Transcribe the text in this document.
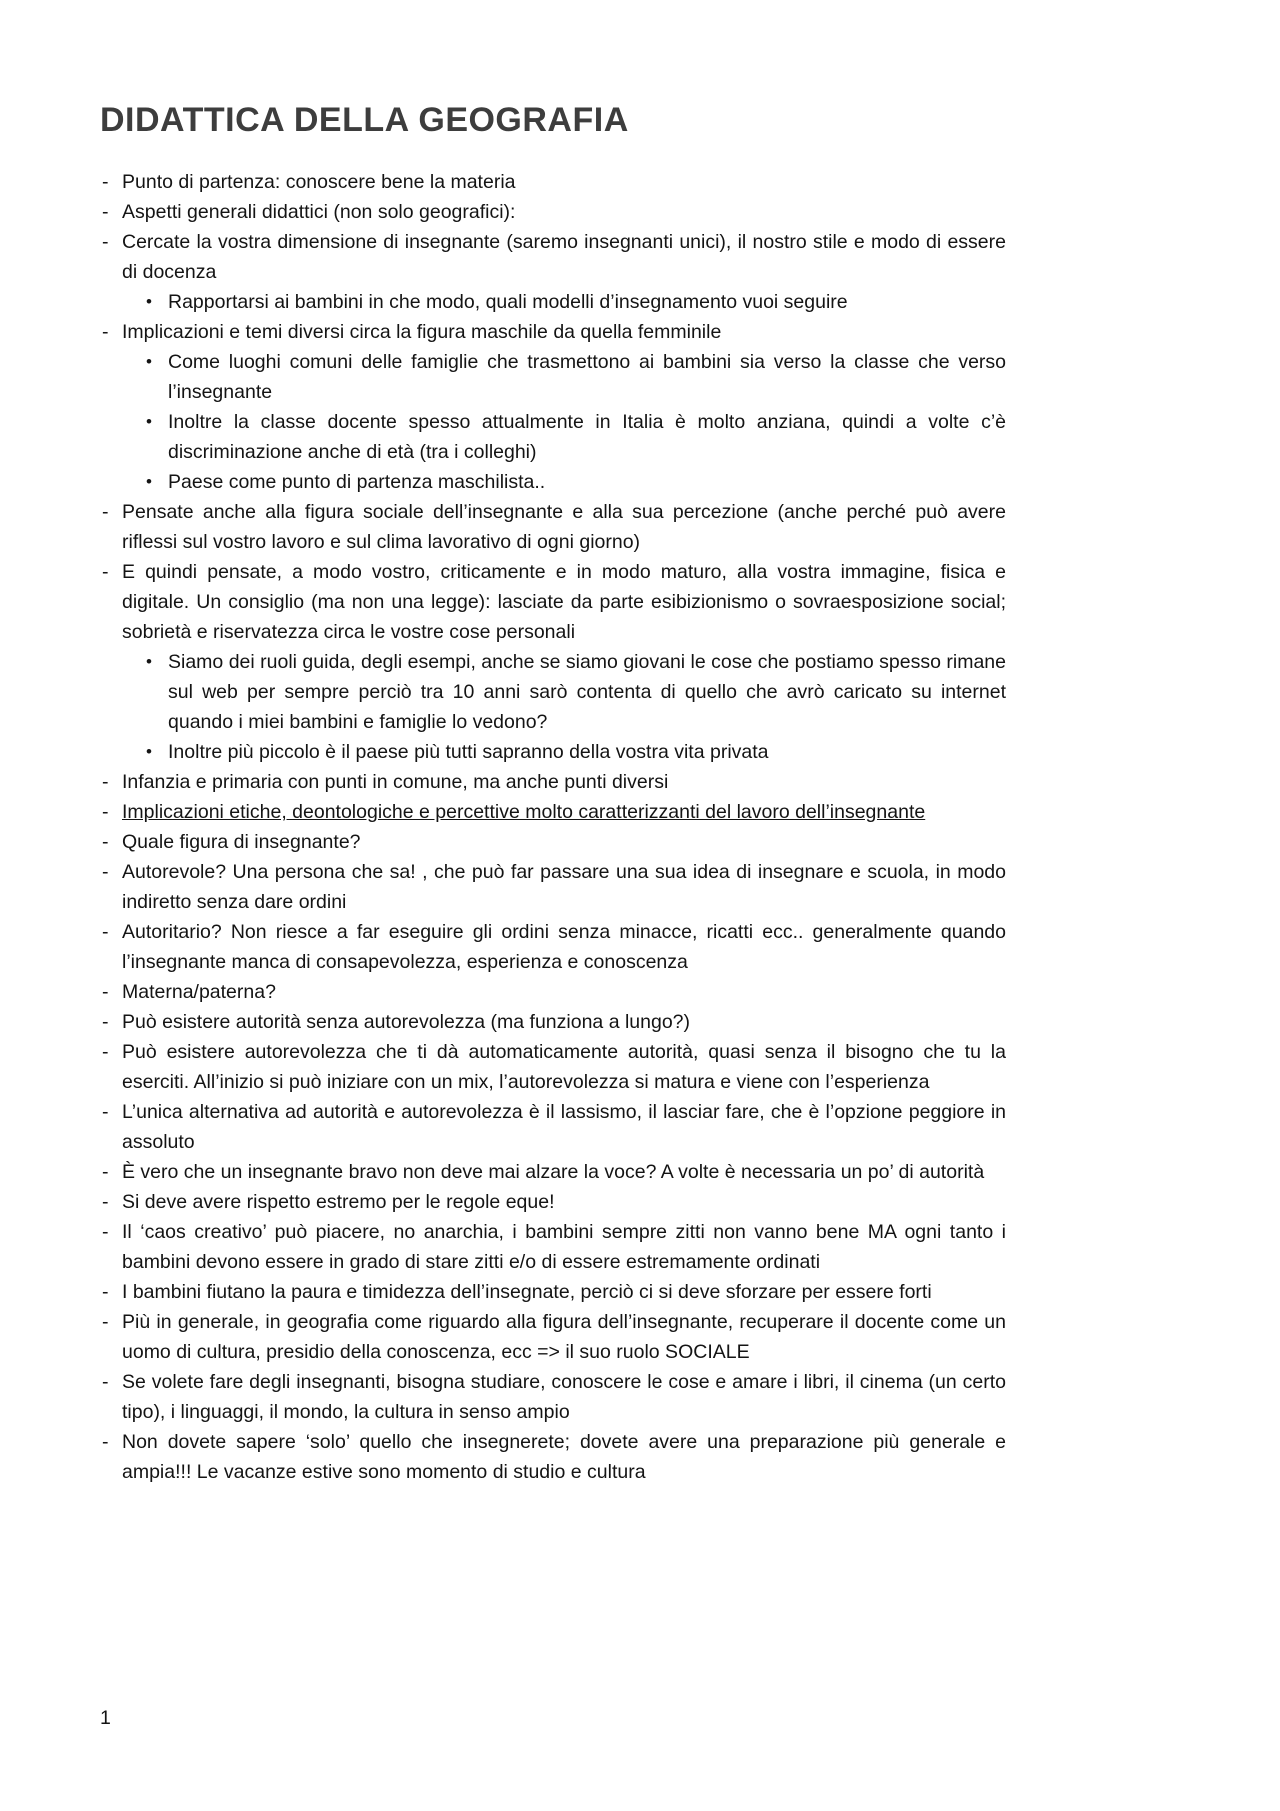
DIDATTICA DELLA GEOGRAFIA
- Punto di partenza: conoscere bene la materia
- Aspetti generali didattici (non solo geografici):
- Cercate la vostra dimensione di insegnante (saremo insegnanti unici), il nostro stile e modo di essere di docenza
• Rapportarsi ai bambini in che modo, quali modelli d’insegnamento vuoi seguire
- Implicazioni e temi diversi circa la figura maschile da quella femminile
• Come luoghi comuni delle famiglie che trasmettono ai bambini sia verso la classe che verso l’insegnante
• Inoltre la classe docente spesso attualmente in Italia è molto anziana, quindi a volte c’è discriminazione anche di età (tra i colleghi)
• Paese come punto di partenza maschilista..
- Pensate anche alla figura sociale dell’insegnante e alla sua percezione (anche perché può avere riflessi sul vostro lavoro e sul clima lavorativo di ogni giorno)
- E quindi pensate, a modo vostro, criticamente e in modo maturo, alla vostra immagine, fisica e digitale. Un consiglio (ma non una legge): lasciate da parte esibizionismo o sovraesposizione social; sobrietà e riservatezza circa le vostre cose personali
• Siamo dei ruoli guida, degli esempi, anche se siamo giovani le cose che postiamo spesso rimane sul web per sempre perciò tra 10 anni sarò contenta di quello che avrò caricato su internet quando i miei bambini e famiglie lo vedono?
• Inoltre più piccolo è il paese più tutti sapranno della vostra vita privata
- Infanzia e primaria con punti in comune, ma anche punti diversi
- Implicazioni etiche, deontologiche e percettive molto caratterizzanti del lavoro dell’insegnante
- Quale figura di insegnante?
- Autorevole? Una persona che sa! , che può far passare una sua idea di insegnare e scuola, in modo indiretto senza dare ordini
- Autoritario? Non riesce a far eseguire gli ordini senza minacce, ricatti ecc.. generalmente quando l’insegnante manca di consapevolezza, esperienza e conoscenza
- Materna/paterna?
- Può esistere autorità senza autorevolezza (ma funziona a lungo?)
- Può esistere autorevolezza che ti dà automaticamente autorità, quasi senza il bisogno che tu la eserciti. All’inizio si può iniziare con un mix, l’autorevolezza si matura e viene con l’esperienza
- L’unica alternativa ad autorità e autorevolezza è il lassismo, il lasciar fare, che è l’opzione peggiore in assoluto
- È vero che un insegnante bravo non deve mai alzare la voce? A volte è necessaria un po’ di autorità
- Si deve avere rispetto estremo per le regole eque!
- Il ‘caos creativo’ può piacere, no anarchia, i bambini sempre zitti non vanno bene MA ogni tanto i bambini devono essere in grado di stare zitti e/o di essere estremamente ordinati
- I bambini fiutano la paura e timidezza dell’insegnate, perciò ci si deve sforzare per essere forti
- Più in generale, in geografia come riguardo alla figura dell’insegnante, recuperare il docente come un uomo di cultura, presidio della conoscenza, ecc => il suo ruolo SOCIALE
- Se volete fare degli insegnanti, bisogna studiare, conoscere le cose e amare i libri, il cinema (un certo tipo), i linguaggi, il mondo, la cultura in senso ampio
- Non dovete sapere ‘solo’ quello che insegnerete; dovete avere una preparazione più generale e ampia!!! Le vacanze estive sono momento di studio e cultura
1
